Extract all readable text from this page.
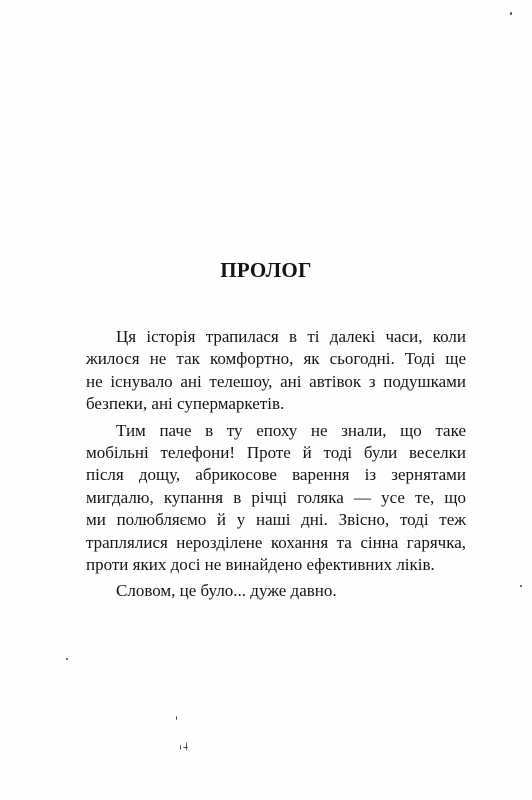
ПРОЛОГ

Ця історія трапилася в ті далекі часи, коли
жилося не так комфортно, як сьогодні. Тоді ще
не існувало ані телешоу, ані автівок з подушками
безпеки, ані супермаркетів.

Тим паче в ту епоху не знали, що таке
мобільні телефони! Проте й тоді були веселки
після дощу, абрикосове варення із зернятами
мигдалю, купання в річці голяка — усе те, що
ми полюбляємо й у наші дні. Звісно, тоді теж
траплялися нерозділене кохання та сінна гарячка,
проти яких досі не винайдено ефективних ліків.

Словом, це було... дуже давно.
